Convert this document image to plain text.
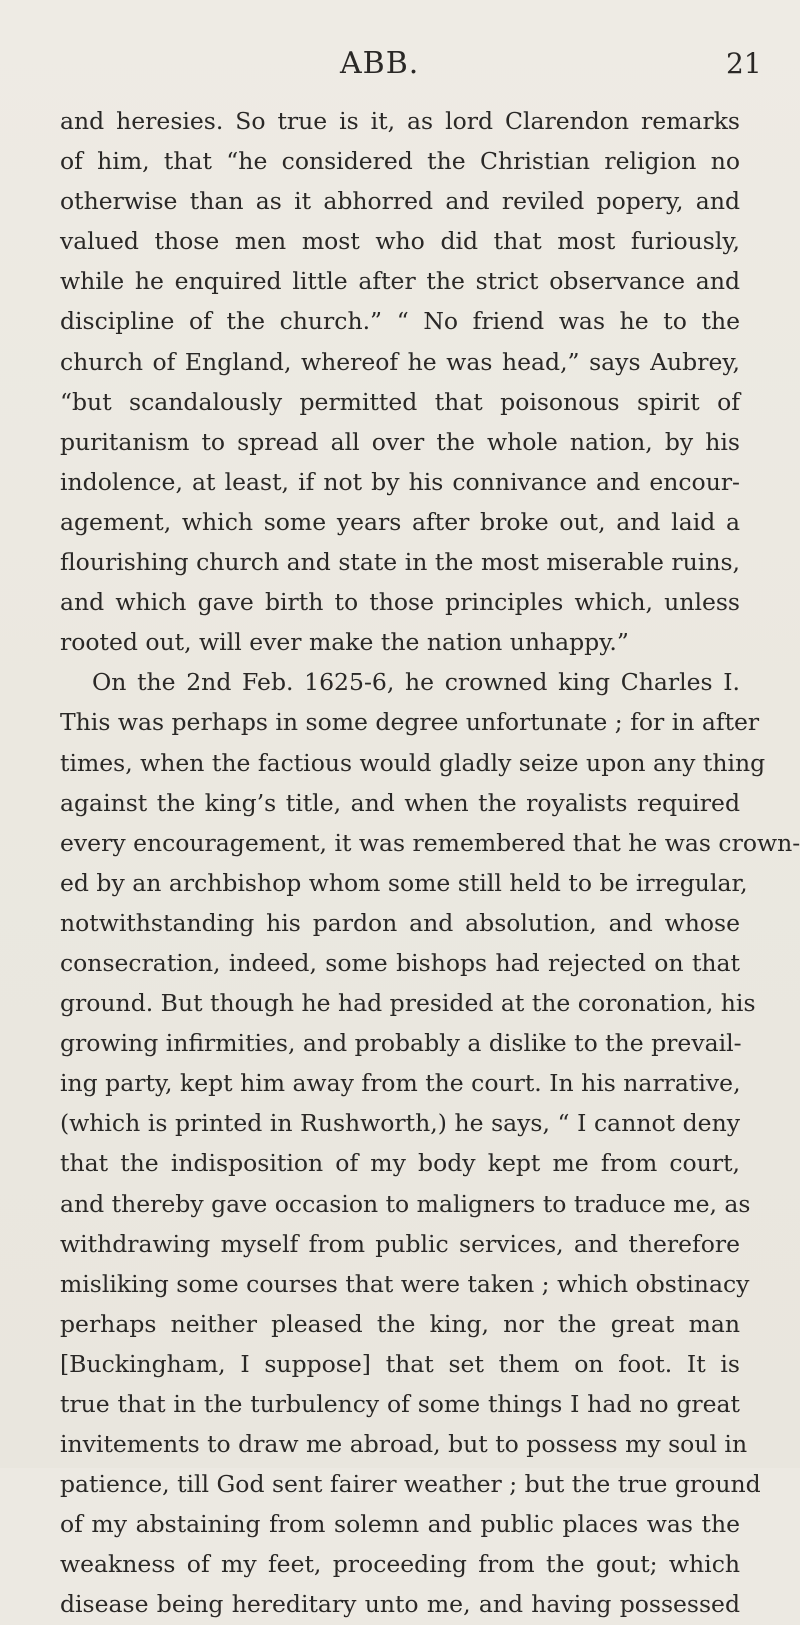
ABB.	21
and heresies. So true is it, as lord Clarendon remarks
of him, that “he considered the Christian religion no
otherwise than as it abhorred and reviled popery, and
valued those men most who did that most furiously,
while he enquired little after the strict observance and
discipline of the church.” “ No friend was he to the
church of England, whereof he was head,” says Aubrey,
“but scandalously permitted that poisonous spirit of
puritanism to spread all over the whole nation, by his
indolence, at least, if not by his connivance and encour-
agement, which some years after broke out, and laid a
flourishing church and state in the most miserable ruins,
and which gave birth to those principles which, unless
rooted out, will ever make the nation unhappy.”
On the 2nd Feb. 1625-6, he crowned king Charles I.
This was perhaps in some degree unfortunate ; for in after
times, when the factious would gladly seize upon any thing
against the king’s title, and when the royalists required
every encouragement, it was remembered that he was crown-
ed by an archbishop whom some still held to be irregular,
notwithstanding his pardon and absolution, and whose
consecration, indeed, some bishops had rejected on that
ground. But though he had presided at the coronation, his
growing infirmities, and probably a dislike to the prevail-
ing party, kept him away from the court. In his narrative,
(which is printed in Rushworth,) he says, “ I cannot deny
that the indisposition of my body kept me from court,
and thereby gave occasion to maligners to traduce me, as
withdrawing myself from public services, and therefore
misliking some courses that were taken ; which obstinacy
perhaps neither pleased the king, nor the great man
[Buckingham, I suppose] that set them on foot. It is
true that in the turbulency of some things I had no great
invitements to draw me abroad, but to possess my soul in
patience, till God sent fairer weather ; but the true ground
of my abstaining from solemn and public places was the
weakness of my feet, proceeding from the gout; which
disease being hereditary unto me, and having possessed
